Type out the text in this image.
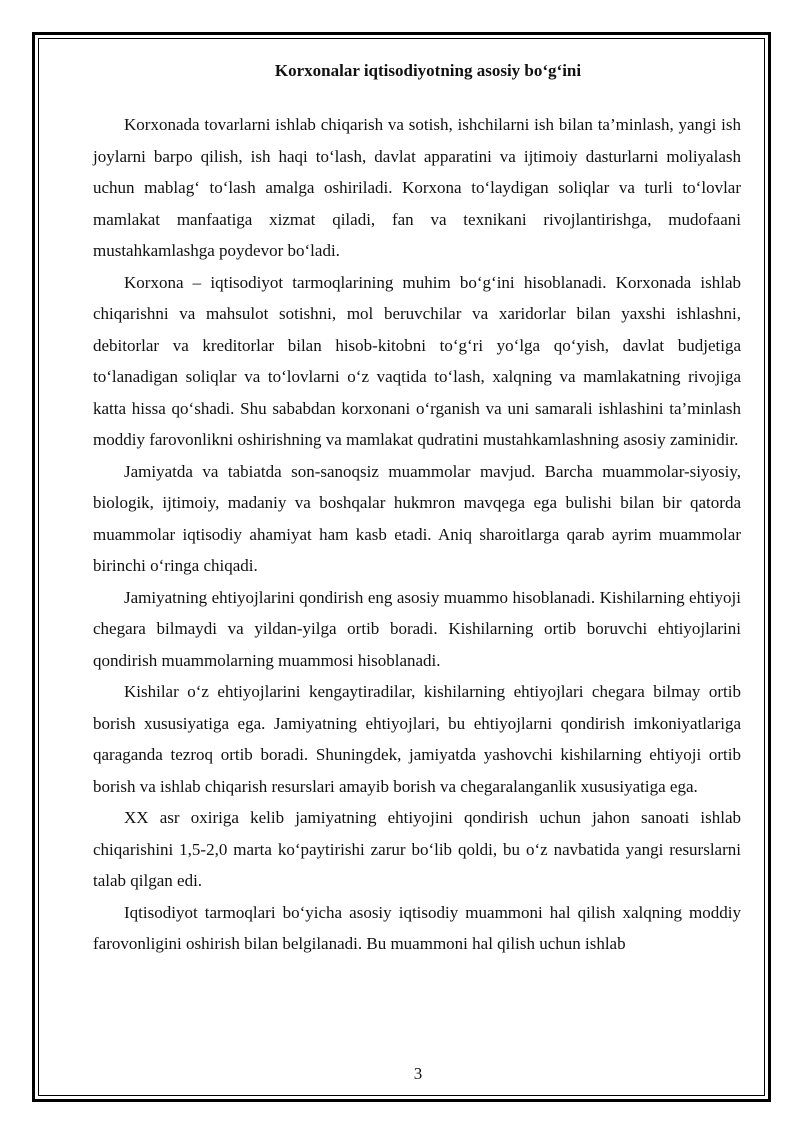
Korxonalar iqtisodiyotning asosiy bo‘g‘ini

Korxonada tovarlarni ishlab chiqarish va sotish, ishchilarni ish bilan ta’minlash, yangi ish joylarni barpo qilish, ish haqi to‘lash, davlat apparatini va ijtimoiy dasturlarni moliyalash uchun mablag‘ to‘lash amalga oshiriladi. Korxona to‘laydigan soliqlar va turli to‘lovlar mamlakat manfaatiga xizmat qiladi, fan va texnikani rivojlantirishga, mudofaani mustahkamlashga poydevor bo‘ladi.

Korxona – iqtisodiyot tarmoqlarining muhim bo‘g‘ini hisoblanadi. Korxonada ishlab chiqarishni va mahsulot sotishni, mol beruvchilar va xaridorlar bilan yaxshi ishlashni, debitorlar va kreditorlar bilan hisob-kitobni to‘g‘ri yo‘lga qo‘yish, davlat budjetiga to‘lanadigan soliqlar va to‘lovlarni o‘z vaqtida to‘lash, xalqning va mamlakatning rivojiga katta hissa qo‘shadi. Shu sababdan korxonani o‘rganish va uni samarali ishlashini ta’minlash moddiy farovonlikni oshirishning va mamlakat qudratini mustahkamlashning asosiy zaminidir.

Jamiyatda va tabiatda son-sanoqsiz muammolar mavjud. Barcha muammolar-siyosiy, biologik, ijtimoiy, madaniy va boshqalar hukmron mavqega ega bulishi bilan bir qatorda muammolar iqtisodiy ahamiyat ham kasb etadi. Aniq sharoitlarga qarab ayrim muammolar birinchi o‘ringa chiqadi.

Jamiyatning ehtiyojlarini qondirish eng asosiy muammo hisoblanadi. Kishilarning ehtiyoji chegara bilmaydi va yildan-yilga ortib boradi. Kishilarning ortib boruvchi ehtiyojlarini qondirish muammolarning muammosi hisoblanadi.

Kishilar o‘z ehtiyojlarini kengaytiradilar, kishilarning ehtiyojlari chegara bilmay ortib borish xususiyatiga ega. Jamiyatning ehtiyojlari, bu ehtiyojlarni qondirish imkoniyatlariga qaraganda tezroq ortib boradi. Shuningdek, jamiyatda yashovchi kishilarning ehtiyoji ortib borish va ishlab chiqarish resurslari amayib borish va chegaralanganlik xususiyatiga ega.

XX asr oxiriga kelib jamiyatning ehtiyojini qondirish uchun jahon sanoati ishlab chiqarishini 1,5-2,0 marta ko‘paytirishi zarur bo‘lib qoldi, bu o‘z navbatida yangi resurslarni talab qilgan edi.

Iqtisodiyot tarmoqlari bo‘yicha asosiy iqtisodiy muammoni hal qilish xalqning moddiy farovonligini oshirish bilan belgilanadi. Bu muammoni hal qilish uchun ishlab

3
